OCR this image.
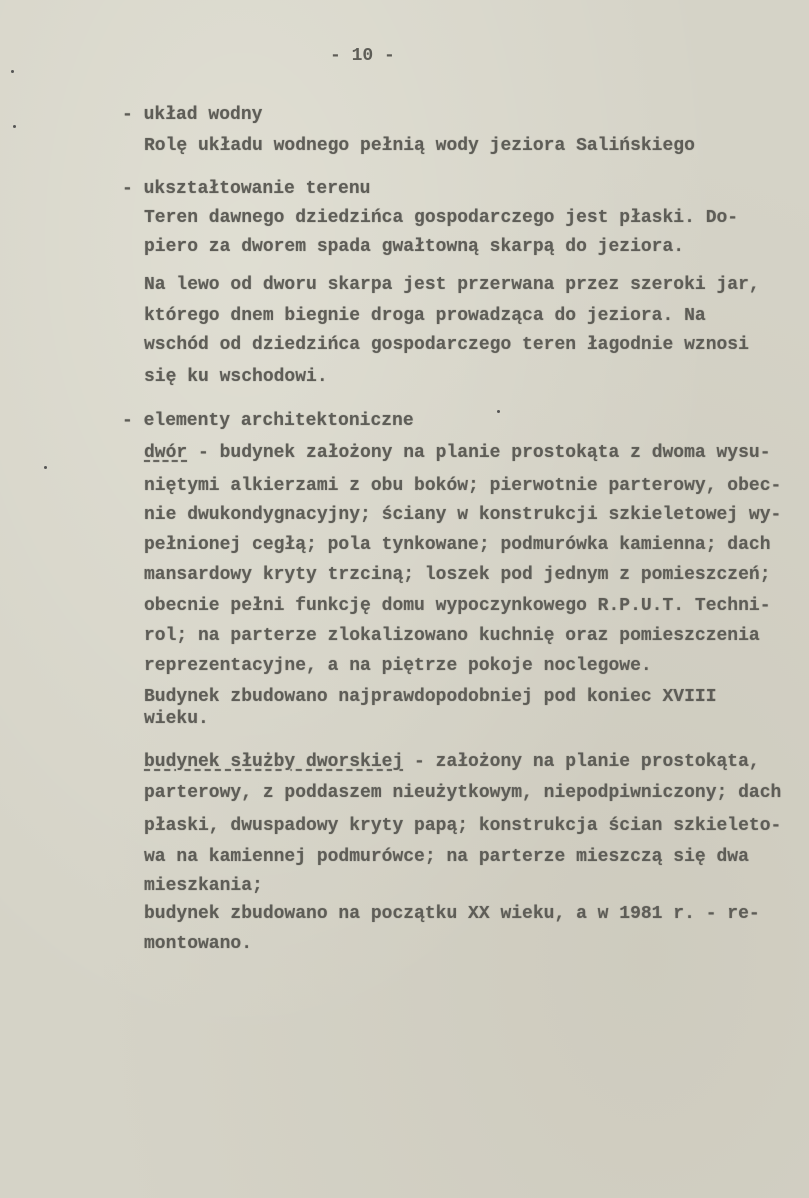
- 10 -
- układ wodny
Rolę układu wodnego pełnią wody jeziora Salińskiego
- ukształtowanie terenu
Teren dawnego dziedzińca gospodarczego jest płaski. Do-
piero za dworem spada gwałtowną skarpą do jeziora.
Na lewo od dworu skarpa jest przerwana przez szeroki jar,
którego dnem biegnie droga prowadząca do jeziora. Na
wschód od dziedzińca gospodarczego teren łagodnie wznosi
się ku wschodowi.
- elementy architektoniczne
dwór - budynek założony na planie prostokąta z dwoma wysu-
niętymi alkierzami z obu boków; pierwotnie parterowy, obec-
nie dwukondygnacyjny; ściany w konstrukcji szkieletowej wy-
pełnionej cegłą; pola tynkowane; podmurówka kamienna; dach
mansardowy kryty trzciną; loszek pod jednym z pomieszczeń;
obecnie pełni funkcję domu wypoczynkowego R.P.U.T. Techni-
rol; na parterze zlokalizowano kuchnię oraz pomieszczenia
reprezentacyjne, a na piętrze pokoje noclegowe.
Budynek zbudowano najprawdopodobniej pod koniec XVIII
wieku.
budynek służby dworskiej - założony na planie prostokąta,
parterowy, z poddaszem nieużytkowym, niepodpiwniczony; dach
płaski, dwuspadowy kryty papą; konstrukcja ścian szkieleto-
wa na kamiennej podmurówce; na parterze mieszczą się dwa
mieszkania;
budynek zbudowano na początku XX wieku, a w 1981 r. - re-
montowano.
